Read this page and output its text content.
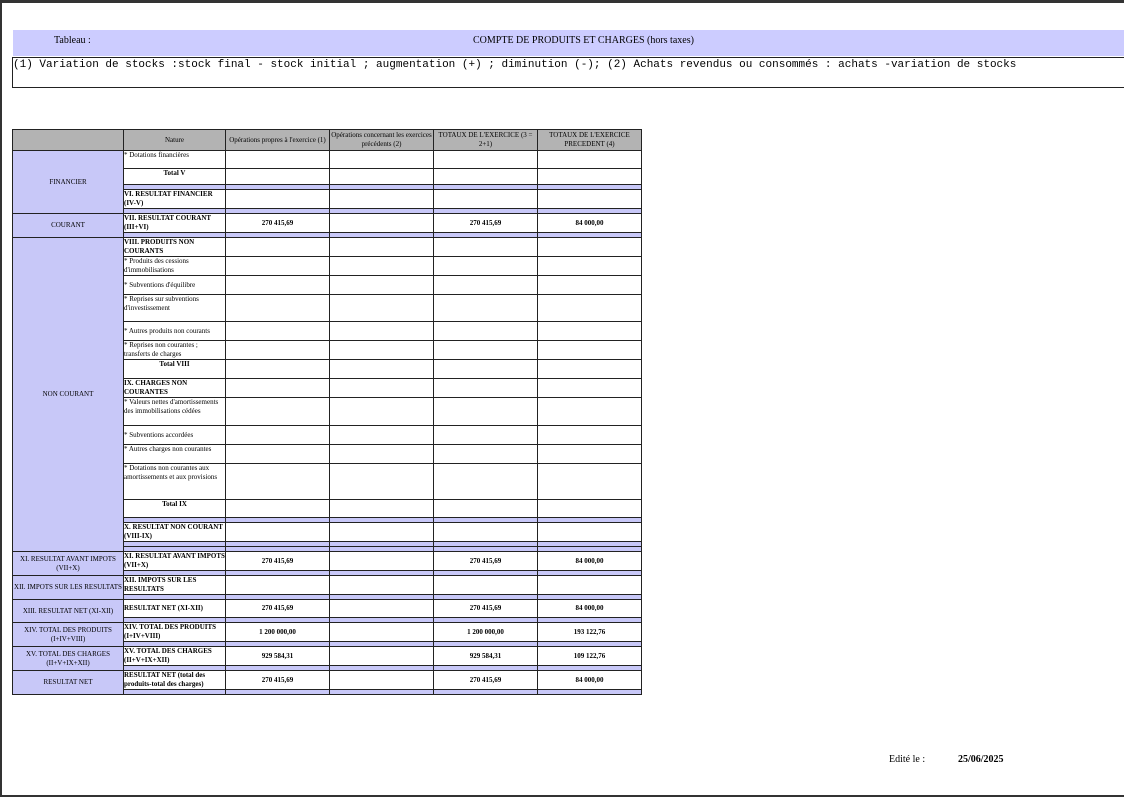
Tableau :	COMPTE DE PRODUITS ET CHARGES (hors taxes)
(1) Variation de stocks :stock final - stock initial ; augmentation (+) ; diminution (-); (2) Achats revendus ou consommés : achats -variation de stocks
	Nature	Opérations propres à l'exercice (1)	Opérations concernant les exercices précédents (2)	TOTAUX DE L'EXERCICE (3 = 2+1)	TOTAUX DE L'EXERCICE PRECEDENT (4)
FINANCIER	* Dotations financières				
	Total V				

	VI. RESULTAT FINANCIER (IV-V)				

COURANT	VII. RESULTAT COURANT (III+VI)	270 415,69		270 415,69	84 000,00

NON COURANT	VIII. PRODUITS NON COURANTS				
	* Produits des cessions d'immobilisations				
	* Subventions d'équilibre				
	* Reprises sur subventions d'investissement				
	* Autres produits non courants				
	* Reprises non courantes ; transferts de charges				
	Total VIII				
	IX. CHARGES NON COURANTES				
	* Valeurs nettes d'amortissements des immobilisations cédées				
	* Subventions accordées				
	* Autres charges non courantes				
	* Dotations non courantes aux amortissements et aux provisions				
	Total IX				

	X. RESULTAT NON COURANT (VIII-IX)				

XI. RESULTAT AVANT IMPOTS (VII+X)	XI. RESULTAT AVANT IMPOTS (VII+X)	270 415,69		270 415,69	84 000,00

XII. IMPOTS SUR LES RESULTATS	XII. IMPOTS SUR LES RESULTATS				

XIII. RESULTAT NET (XI-XII)	RESULTAT NET (XI-XII)	270 415,69		270 415,69	84 000,00

XIV. TOTAL DES PRODUITS (I+IV+VIII)	XIV. TOTAL DES PRODUITS (I+IV+VIII)	1 200 000,00		1 200 000,00	193 122,76

XV. TOTAL DES CHARGES (II+V+IX+XII)	XV. TOTAL DES CHARGES (II+V+IX+XII)	929 584,31		929 584,31	109 122,76

RESULTAT NET	RESULTAT NET (total des produits-total des charges)	270 415,69		270 415,69	84 000,00

Edité le :	25/06/2025
